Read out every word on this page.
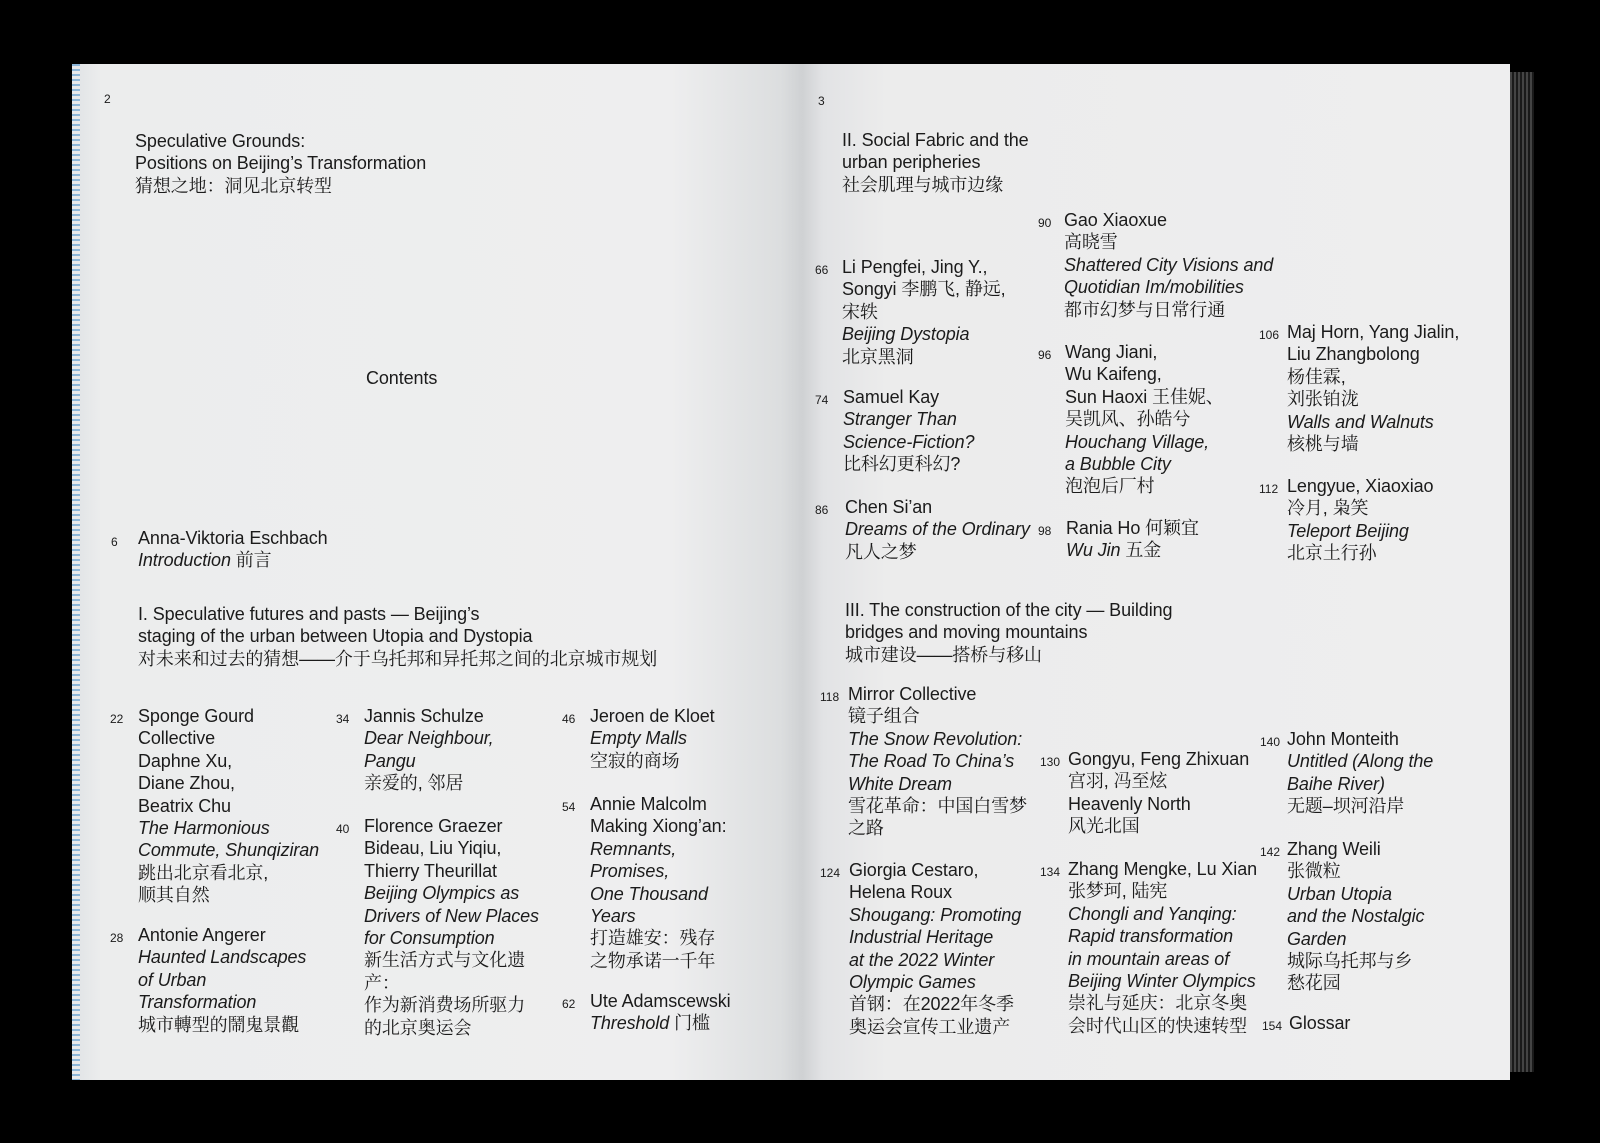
2
Speculative Grounds:
Positions on Beijing’s Transformation
猜想之地：洞见北京转型
Contents
6 Anna-Viktoria Eschbach
Introduction 前言
I. Speculative futures and pasts — Beijing’s
staging of the urban between Utopia and Dystopia
对未来和过去的猜想——介于乌托邦和异托邦之间的北京城市规划
22 Sponge Gourd
Collective
Daphne Xu,
Diane Zhou,
Beatrix Chu
The Harmonious
Commute, Shunqiziran
跳出北京看北京,
顺其自然
28 Antonie Angerer
Haunted Landscapes
of Urban
Transformation
城市轉型的鬧鬼景觀
34 Jannis Schulze
Dear Neighbour,
Pangu
亲爱的, 邻居
40 Florence Graezer
Bideau, Liu Yiqiu,
Thierry Theurillat
Beijing Olympics as
Drivers of New Places
for Consumption
新生活方式与文化遗
产：
作为新消费场所驱力
的北京奥运会
46 Jeroen de Kloet
Empty Malls
空寂的商场
54 Annie Malcolm
Making Xiong’an:
Remnants,
Promises,
One Thousand
Years
打造雄安：残存
之物承诺一千年
62 Ute Adamscewski
Threshold 门槛
3
II. Social Fabric and the
urban peripheries
社会肌理与城市边缘
90 Gao Xiaoxue
高晓雪
Shattered City Visions and
Quotidian Im/mobilities
都市幻梦与日常行通
66 Li Pengfei, Jing Y.,
Songyi 李鹏飞, 静远,
宋轶
Beijing Dystopia
北京黑洞
74 Samuel Kay
Stranger Than
Science-Fiction?
比科幻更科幻?
86 Chen Si’an
Dreams of the Ordinary
凡人之梦
96 Wang Jiani,
Wu Kaifeng,
Sun Haoxi 王佳妮、
吴凯风、孙皓兮
Houchang Village,
a Bubble City
泡泡后厂村
98 Rania Ho 何颖宜
Wu Jin 五金
106 Maj Horn, Yang Jialin,
Liu Zhangbolong
杨佳霖,
刘张铂泷
Walls and Walnuts
核桃与墙
112 Lengyue, Xiaoxiao
冷月, 枭笑
Teleport Beijing
北京土行孙
III. The construction of the city — Building
bridges and moving mountains
城市建设——搭桥与移山
118 Mirror Collective
镜子组合
The Snow Revolution:
The Road To China’s
White Dream
雪花革命：中国白雪梦
之路
124 Giorgia Cestaro,
Helena Roux
Shougang: Promoting
Industrial Heritage
at the 2022 Winter
Olympic Games
首钢：在2022年冬季
奥运会宣传工业遗产
130 Gongyu, Feng Zhixuan
宫羽, 冯至炫
Heavenly North
风光北国
134 Zhang Mengke, Lu Xian
张梦珂, 陆宪
Chongli and Yanqing:
Rapid transformation
in mountain areas of
Beijing Winter Olympics
崇礼与延庆：北京冬奥
会时代山区的快速转型
140 John Monteith
Untitled (Along the
Baihe River)
无题–坝河沿岸
142 Zhang Weili
张微粒
Urban Utopia
and the Nostalgic
Garden
城际乌托邦与乡
愁花园
154 Glossar
